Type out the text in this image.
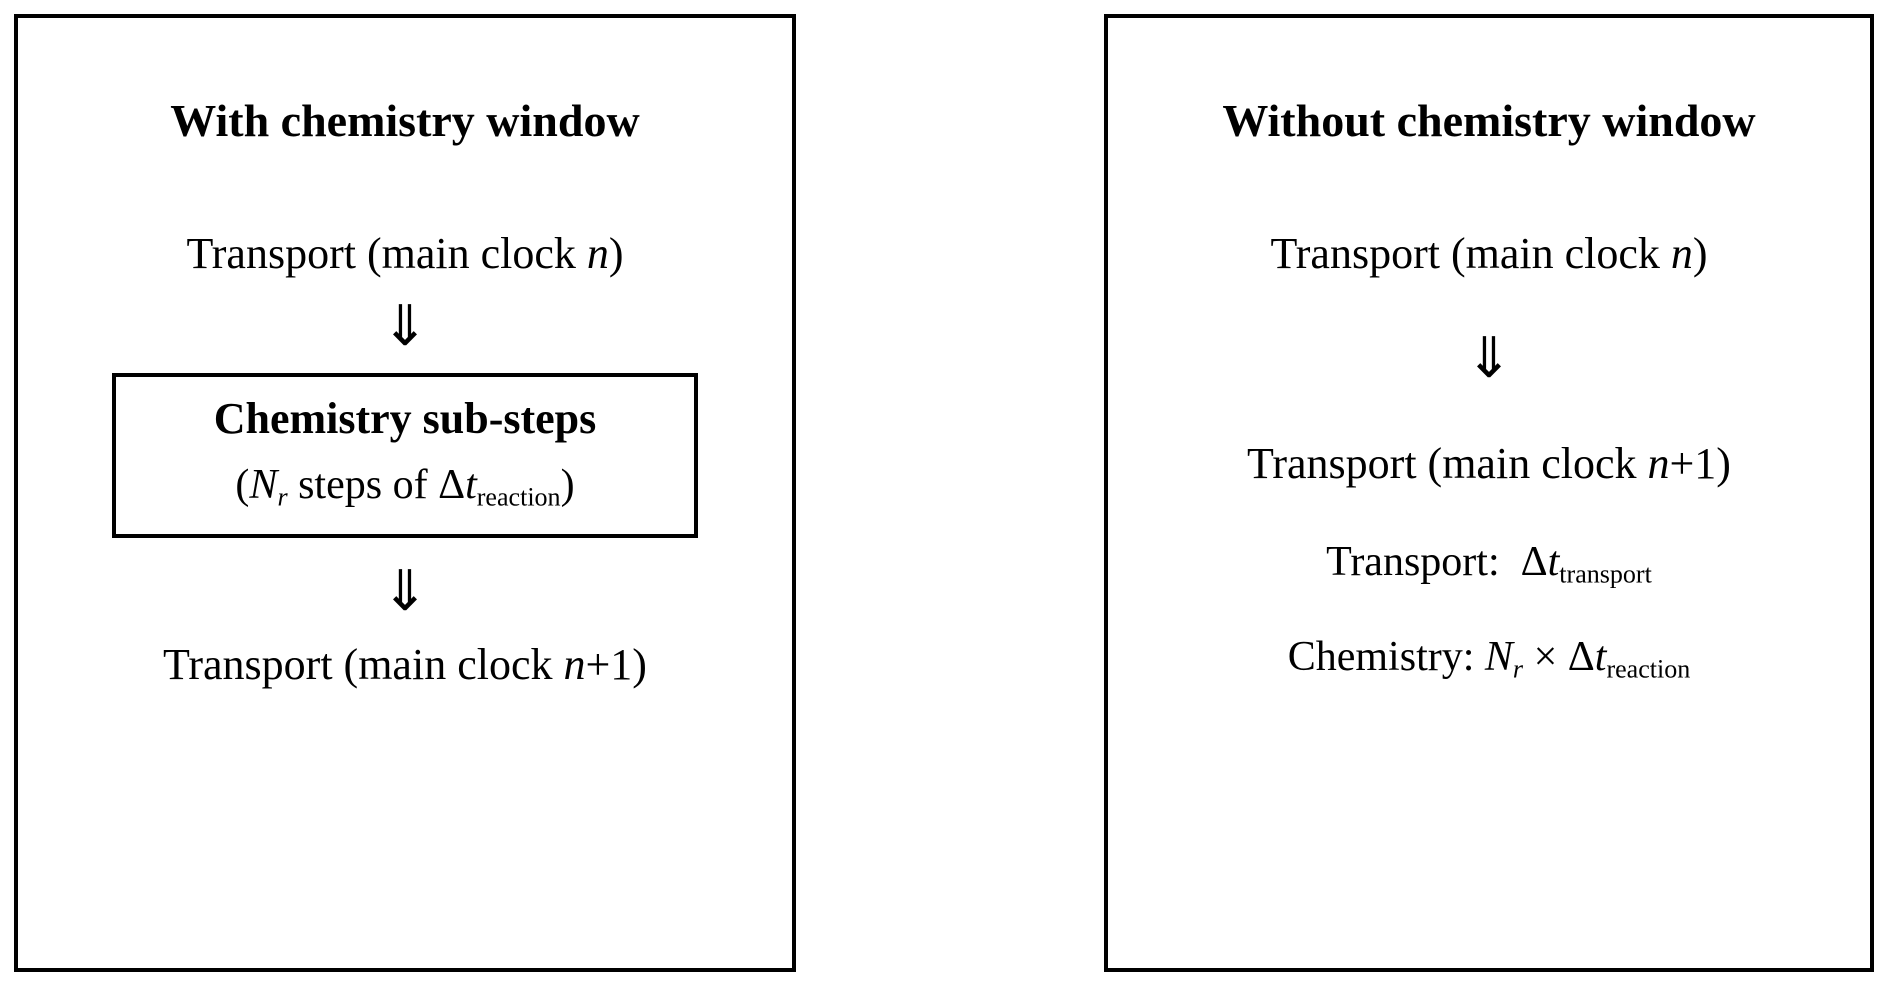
With chemistry window
Transport (main clock n)
⇓
Chemistry sub-steps
($N_r$ steps of $\Delta t_{reaction}$)
⇓
Transport (main clock n+1)
Without chemistry window
Transport (main clock n)
⇓
Transport (main clock n+1)
Transport:  $\Delta t_{transport}$
Chemistry: $N_r \times \Delta t_{reaction}$
